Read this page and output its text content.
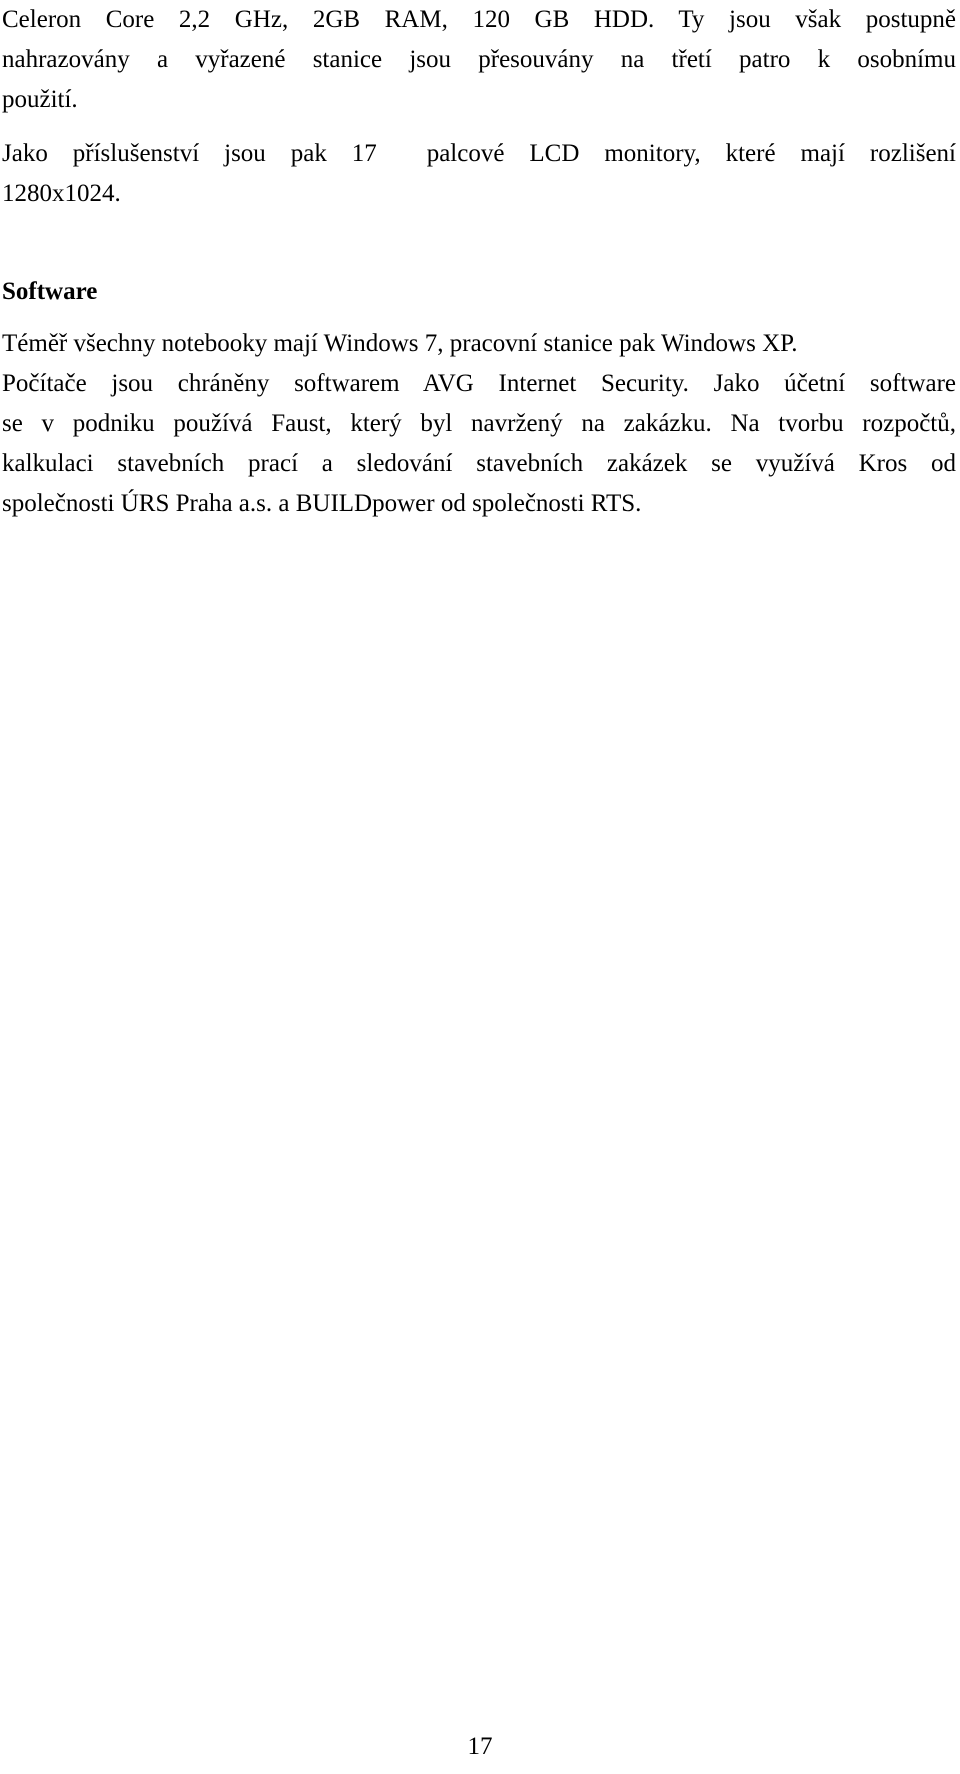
Celeron Core 2,2 GHz, 2GB RAM, 120 GB HDD. Ty jsou však postupně
nahrazovány a vyřazené stanice jsou přesouvány na třetí patro k osobnímu
použití.

Jako příslušenství jsou pak 17  palcové LCD monitory, které mají rozlišení
1280x1024.

Software

Téměř všechny notebooky mají Windows 7, pracovní stanice pak Windows XP.
Počítače jsou chráněny softwarem AVG Internet Security. Jako účetní software
se v podniku používá Faust, který byl navržený na zakázku. Na tvorbu rozpočtů,
kalkulaci stavebních prací a sledování stavebních zakázek se využívá Kros od
společnosti ÚRS Praha a.s. a BUILDpower od společnosti RTS.

17
